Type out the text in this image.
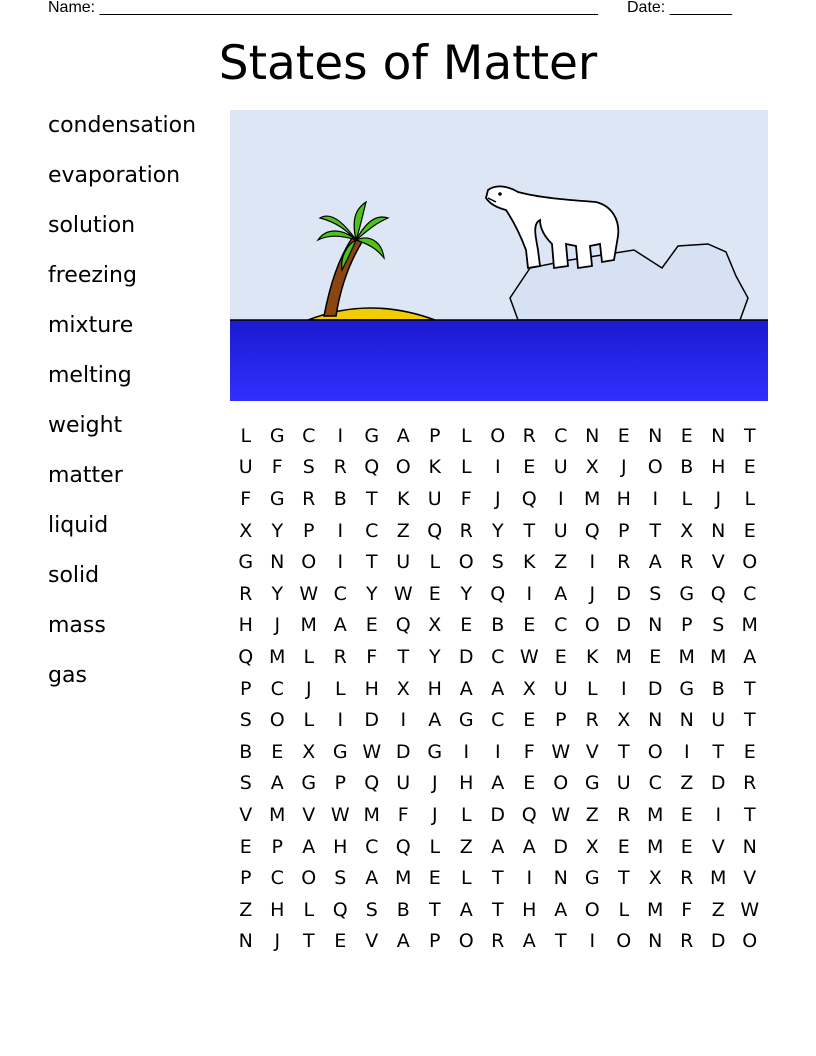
Name: ________________________________________________________ Date: _______
States of Matter
condensation
evaporation
solution
freezing
mixture
melting
weight
matter
liquid
solid
mass
gas
L G C	I	G A	P	L O R C N E N E N T
U	F	S R Q O K	L	I	E U X	J	O B H E
F G R B	T	K U	F	J	Q	I	M H	I	L	J	L
X	Y	P	I	C Z Q R	Y	T U Q P	T	X N E
G N O	I	T U	L O S	K Z	I	R A R V O
R	Y W C	Y W E	Y Q	I	A	J	D S G Q C
H	J	M A E Q X E B E C O D N P	S M
Q M L	R	F	T	Y D C W E	K M E M M A
P	C	J	L	H X H A A X U	L	I	D G B	T
S O L	I	D	I	A G C E	P	R X N N U T
B E X G W D G	I	I	F W V	T O	I	T	E
S A G P Q U	J	H A E O G U C Z D R
V M V W M F	J	L D Q W Z R M E	I	T
E	P	A H C Q L	Z A A D X E M E	V N
P	C O S A M E	L	T	I	N G T	X R M V
Z H	L Q S B	T	A	T H A O L M F	Z W
N	J	T	E	V A	P O R A	T	I	O N R D O
